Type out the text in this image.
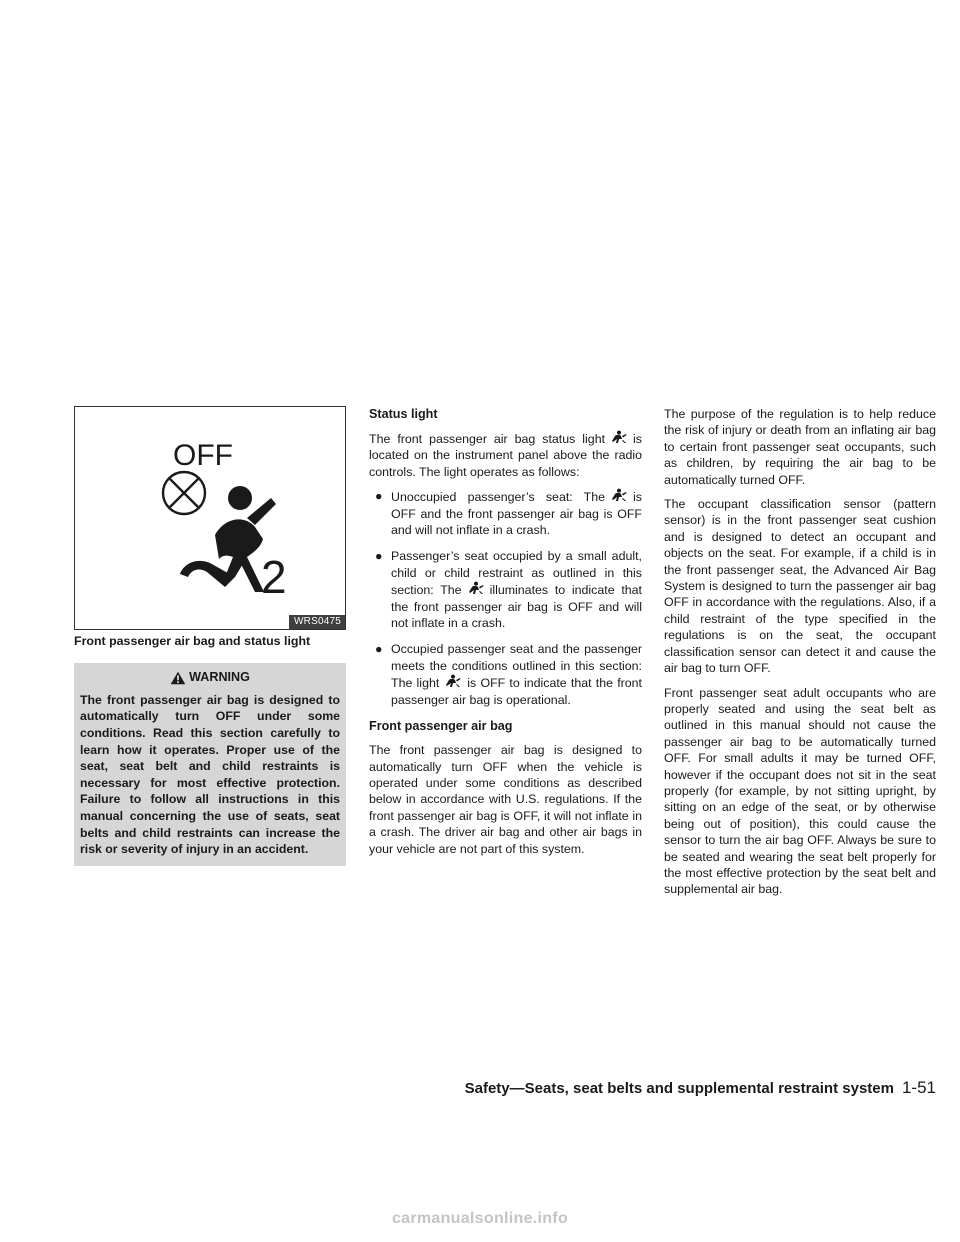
OFF
2
WRS0475
Front passenger air bag and status light
WARNING
The front passenger air bag is designed to automatically turn OFF under some conditions. Read this section carefully to learn how it operates. Proper use of the seat, seat belt and child restraints is necessary for most effective protection. Failure to follow all instructions in this manual concerning the use of seats, seat belts and child restraints can increase the risk or severity of injury in an accident.
Status light

The front passenger air bag status light is located on the instrument panel above the radio controls. The light operates as follows:

● Unoccupied passenger’s seat: The is OFF and the front passenger air bag is OFF and will not inflate in a crash.
● Passenger’s seat occupied by a small adult, child or child restraint as outlined in this section: The illuminates to indicate that the front passenger air bag is OFF and will not inflate in a crash.
● Occupied passenger seat and the passenger meets the conditions outlined in this section: The light is OFF to indicate that the front passenger air bag is operational.
Front passenger air bag

The front passenger air bag is designed to automatically turn OFF when the vehicle is operated under some conditions as described below in accordance with U.S. regulations. If the front passenger air bag is OFF, it will not inflate in a crash. The driver air bag and other air bags in your vehicle are not part of this system.

The purpose of the regulation is to help reduce the risk of injury or death from an inflating air bag to certain front passenger seat occupants, such as children, by requiring the air bag to be automatically turned OFF.

The occupant classification sensor (pattern sensor) is in the front passenger seat cushion and is designed to detect an occupant and objects on the seat. For example, if a child is in the front passenger seat, the Advanced Air Bag System is designed to turn the passenger air bag OFF in accordance with the regulations. Also, if a child restraint of the type specified in the regulations is on the seat, the occupant classification sensor can detect it and cause the air bag to turn OFF.

Front passenger seat adult occupants who are properly seated and using the seat belt as outlined in this manual should not cause the passenger air bag to be automatically turned OFF. For small adults it may be turned OFF, however if the occupant does not sit in the seat properly (for example, by not sitting upright, by sitting on an edge of the seat, or by otherwise being out of position), this could cause the sensor to turn the air bag OFF. Always be sure to be seated and wearing the seat belt properly for the most effective protection by the seat belt and supplemental air bag.

Safety—Seats, seat belts and supplemental restraint system 1-51
carmanualsonline.info
